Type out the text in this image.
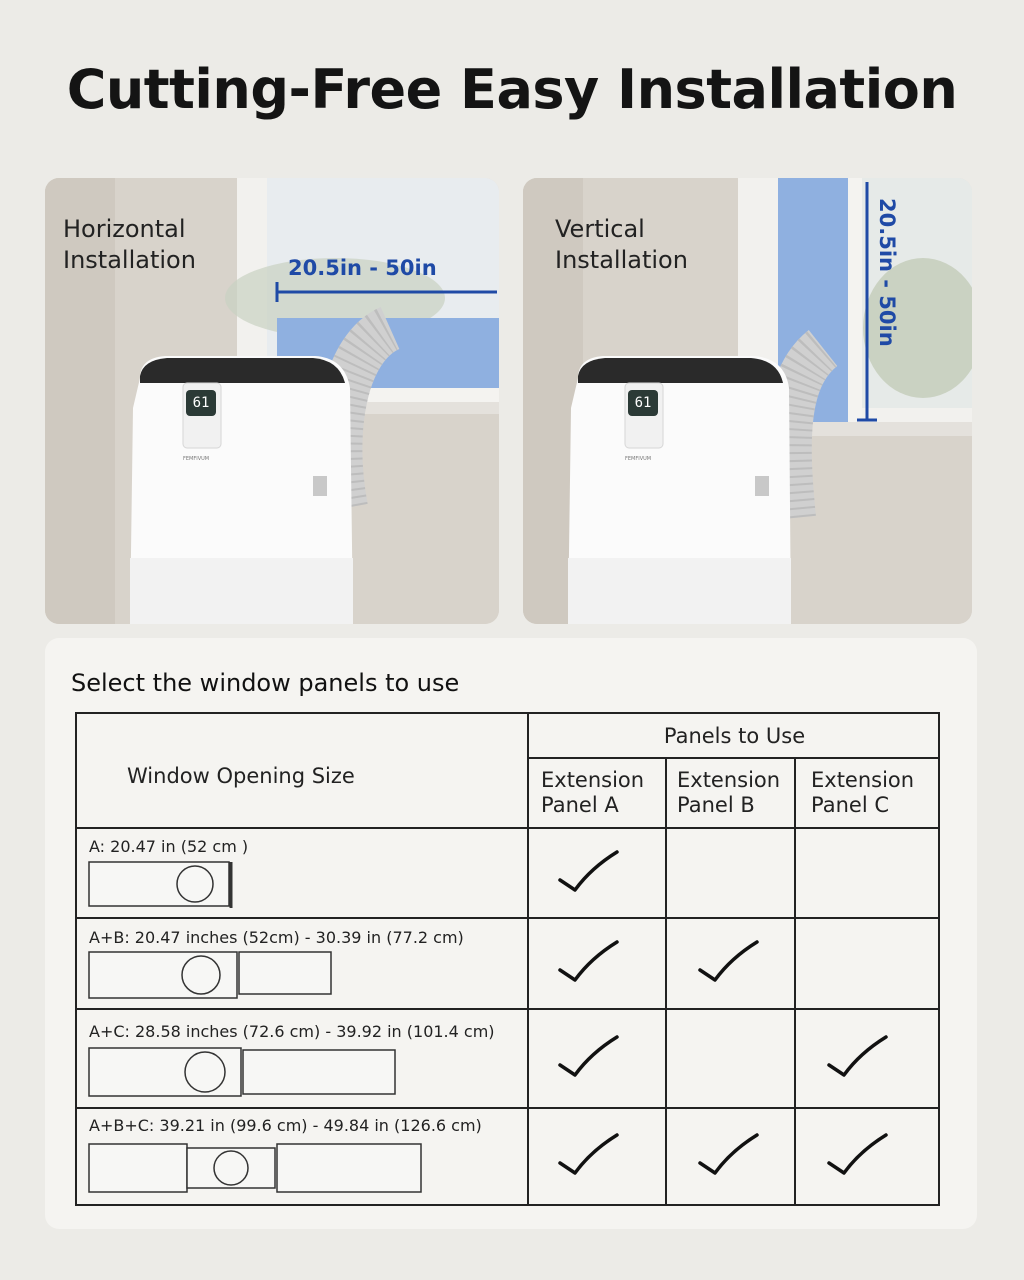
Cutting-Free Easy Installation
Horizontal
Installation	20.5in - 50in
61
FEMFIVUM
Vertical
Installation	20.5in - 50in
61
FEMFIVUM
Select the window panels to use
Window Opening Size
Panels to Use
Extension
Panel A
Extension
Panel B
Extension
Panel C
A: 20.47 in (52 cm )
A+B: 20.47 inches (52cm) - 30.39 in (77.2 cm)
A+C: 28.58 inches (72.6 cm) - 39.92 in (101.4 cm)
A+B+C: 39.21 in (99.6 cm) - 49.84 in (126.6 cm)
